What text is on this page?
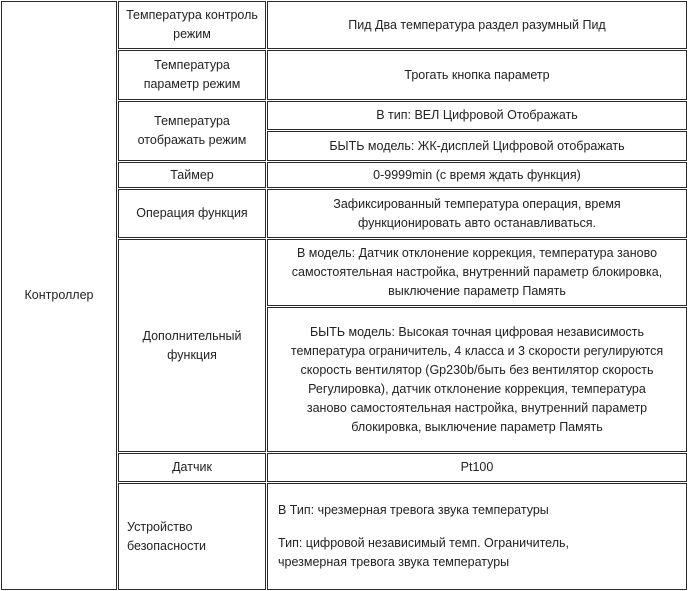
Контроллер
Температура контроль режим
Пид Два температура раздел разумный Пид
Температура параметр режим
Трогать кнопка параметр
Температура отображать режим
В тип: ВЕЛ Цифровой Отображать
БЫТЬ модель: ЖК-дисплей Цифровой отображать
Таймер	0-9999min (с время ждать функция)
Операция функция
Зафиксированный температура операция, время функционировать авто останавливаться.
Дополнительный функция
В модель: Датчик отклонение коррекция, температура заново самостоятельная настройка, внутренний параметр блокировка, выключение параметр Память
БЫТЬ модель: Высокая точная цифровая независимость температура ограничитель, 4 класса и 3 скорости регулируются скорость вентилятор (Gp230b/быть без вентилятор скорость Регулировка), датчик отклонение коррекция, температура заново самостоятельная настройка, внутренний параметр блокировка, выключение параметр Память
Датчик	Pt100
Устройство безопасности
В Тип: чрезмерная тревога звука температуры
Тип: цифровой независимый темп. Ограничитель, чрезмерная тревога звука температуры
